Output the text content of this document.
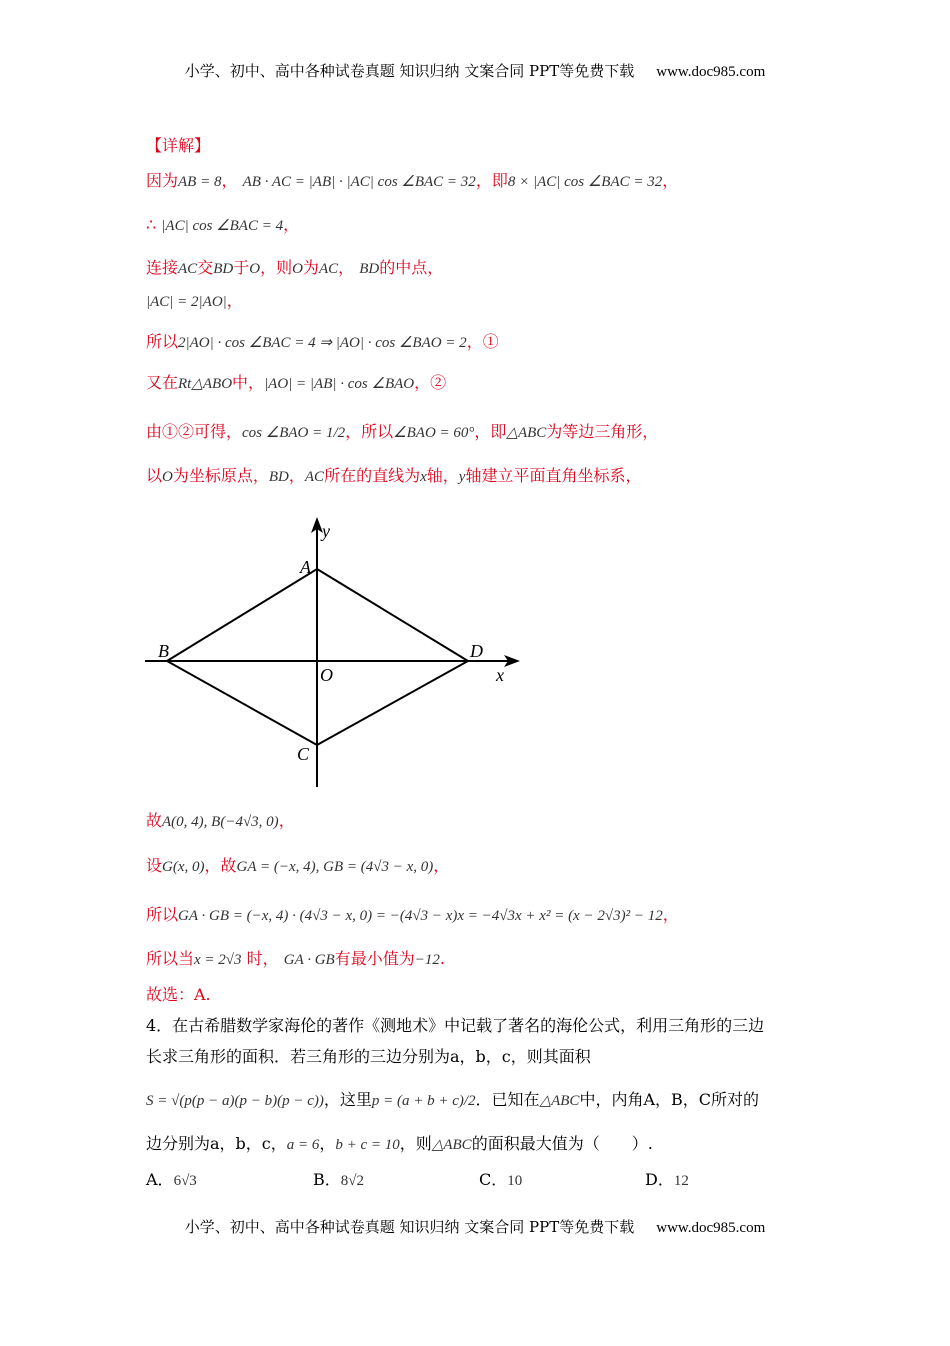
小学、初中、高中各种试卷真题 知识归纳 文案合同 PPT等免费下载 www.doc985.com
【详解】
因为AB = 8， AB · AC = |AB| · |AC| cos ∠BAC = 32，即8 × |AC| cos ∠BAC = 32，
∴ |AC| cos ∠BAC = 4，
连接AC交BD于O，则O为AC， BD的中点，
|AC| = 2|AO|，
所以2|AO| · cos ∠BAC = 4 ⇒ |AO| · cos ∠BAO = 2，①
又在Rt△ABO中，|AO| = |AB| · cos ∠BAO，②
由①②可得，cos ∠BAO = 1/2，所以∠BAO = 60°，即△ABC为等边三角形，
以O为坐标原点，BD，AC所在的直线为x轴，y轴建立平面直角坐标系，
y
A
B	D
O	x
C
故A(0, 4), B(−4√3, 0)，
设G(x, 0)，故GA = (−x, 4), GB = (4√3 − x, 0)，
所以GA · GB = (−x, 4) · (4√3 − x, 0) = −(4√3 − x)x = −4√3x + x² = (x − 2√3)² − 12，
所以当x = 2√3 时， GA · GB有最小值为−12.
故选：A.
4．在古希腊数学家海伦的著作《测地术》中记载了著名的海伦公式，利用三角形的三边
长求三角形的面积．若三角形的三边分别为a，b，c，则其面积
S = √(p(p − a)(p − b)(p − c))，这里p = (a + b + c)/2．已知在△ABC中，内角A，B，C所对的
边分别为a，b，c，a = 6，b + c = 10，则△ABC的面积最大值为（　　）.
A．6√3	B．8√2	C．10	D．12
小学、初中、高中各种试卷真题 知识归纳 文案合同 PPT等免费下载 www.doc985.com
